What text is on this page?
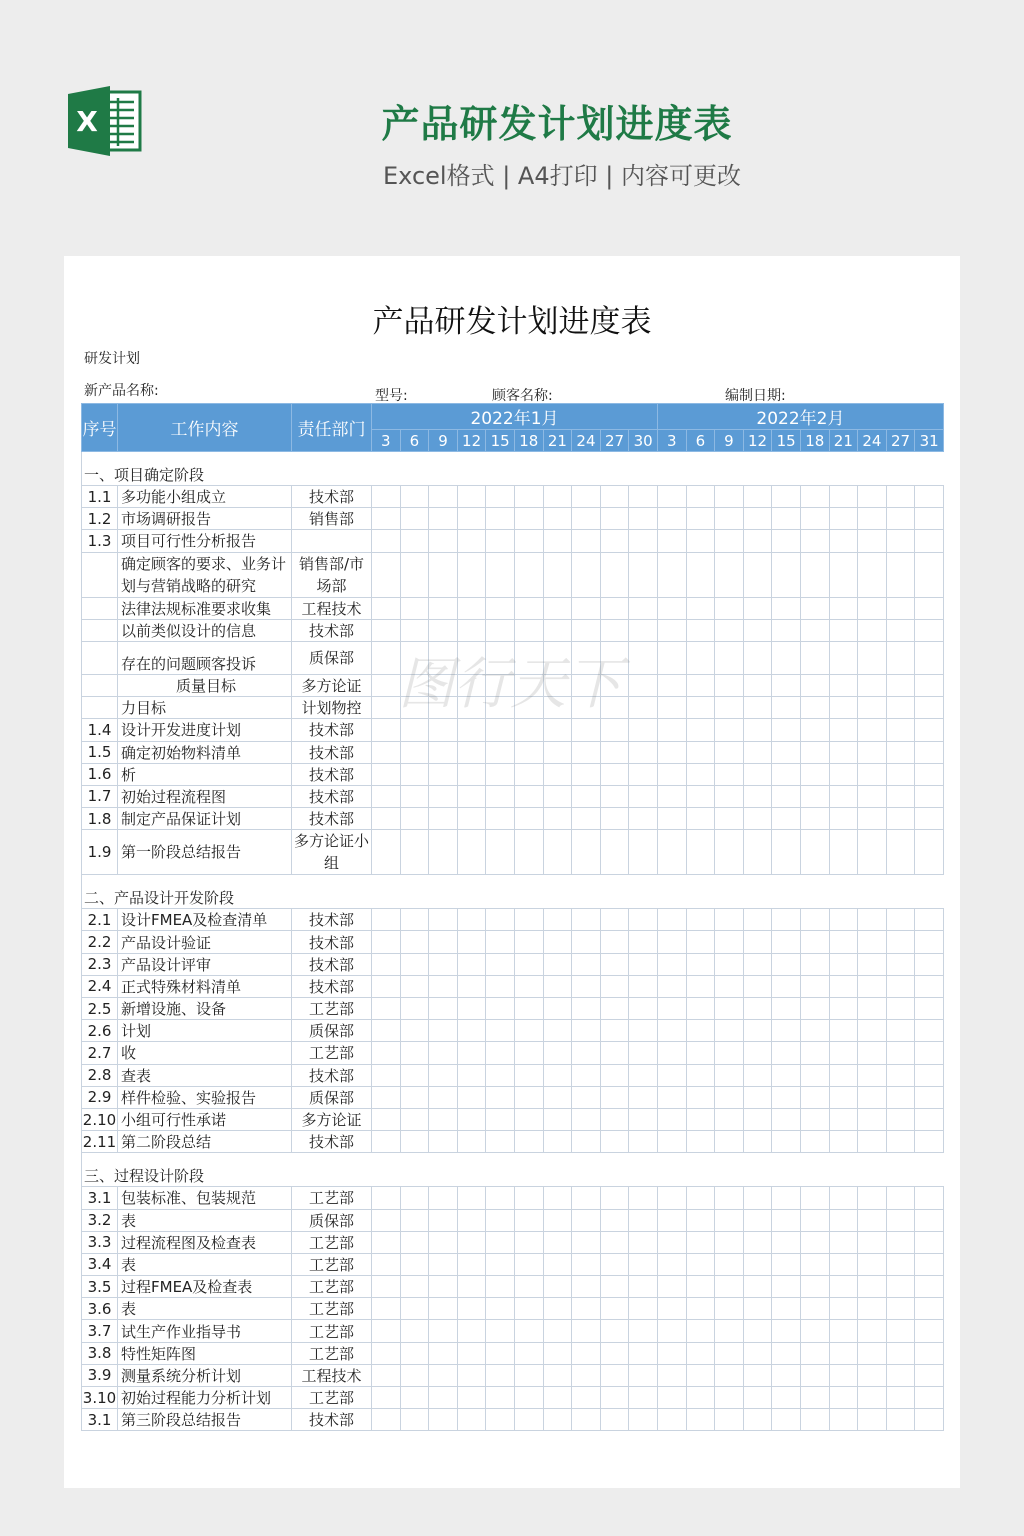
X	产品研发计划进度表
Excel格式 | A4打印 | 内容可更改
产品研发计划进度表
研发计划
新产品名称:	型号:	顾客名称:	编制日期:
序号	工作内容	责任部门	2022年1月										2022年2月									
			3	6	9	12	15	18	21	24	27	30	3	6	9	12	15	18	21	24	27	31
一、项目确定阶段																						
1.1	多功能小组成立	技术部																				
1.2	市场调研报告	销售部																				
1.3	项目可行性分析报告																					
	确定顾客的要求、业务计划与营销战略的研究	销售部/市场部																				
	法律法规标准要求收集	工程技术																				
	以前类似设计的信息	技术部																				
	存在的问题顾客投诉	质保部																				
	质量目标	多方论证																				
	力目标	计划物控																				
1.4	设计开发进度计划	技术部																				
1.5	确定初始物料清单	技术部																				
1.6	析	技术部																				
1.7	初始过程流程图	技术部																				
1.8	制定产品保证计划	技术部																				
1.9	第一阶段总结报告	多方论证小组																				
二、产品设计开发阶段																						
2.1	设计FMEA及检查清单	技术部																				
2.2	产品设计验证	技术部																				
2.3	产品设计评审	技术部																				
2.4	正式特殊材料清单	技术部																				
2.5	新增设施、设备	工艺部																				
2.6	计划	质保部																				
2.7	收	工艺部																				
2.8	查表	技术部																				
2.9	样件检验、实验报告	质保部																				
2.10	小组可行性承诺	多方论证																				
2.11	第二阶段总结	技术部																				
三、过程设计阶段																						
3.1	包装标准、包装规范	工艺部																				
3.2	表	质保部																				
3.3	过程流程图及检查表	工艺部																				
3.4	表	工艺部																				
3.5	过程FMEA及检查表	工艺部																				
3.6	表	工艺部																				
3.7	试生产作业指导书	工艺部																				
3.8	特性矩阵图	工艺部																				
3.9	测量系统分析计划	工程技术																				
3.10	初始过程能力分析计划	工艺部																				
3.1	第三阶段总结报告	技术部																				
